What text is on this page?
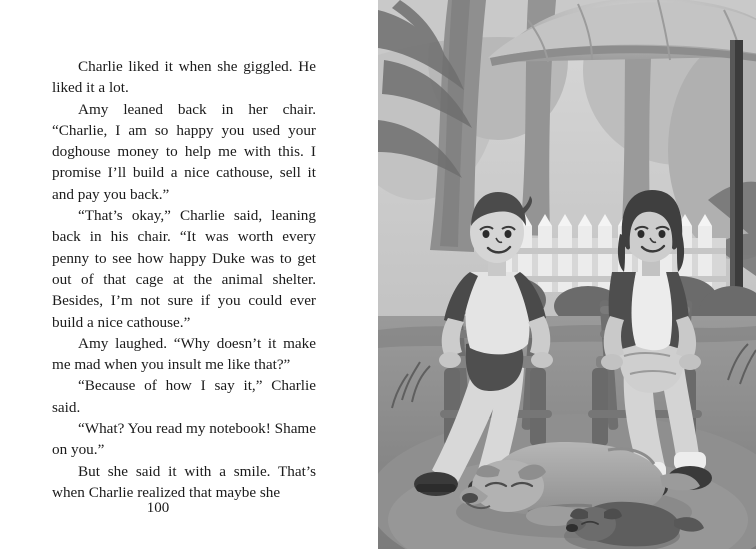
Charlie liked it when she giggled. He liked it a lot.

Amy leaned back in her chair. “Charlie, I am so happy you used your doghouse money to help me with this. I promise I’ll build a nice cathouse, sell it and pay you back.”

“That’s okay,” Charlie said, leaning back in his chair. “It was worth every penny to see how happy Duke was to get out of that cage at the animal shelter. Besides, I’m not sure if you could ever build a nice cathouse.”

Amy laughed. “Why doesn’t it make me mad when you insult me like that?”

“Because of how I say it,” Charlie said.

“What? You read my notebook! Shame on you.”

But she said it with a smile. That’s when Charlie realized that maybe she

100
